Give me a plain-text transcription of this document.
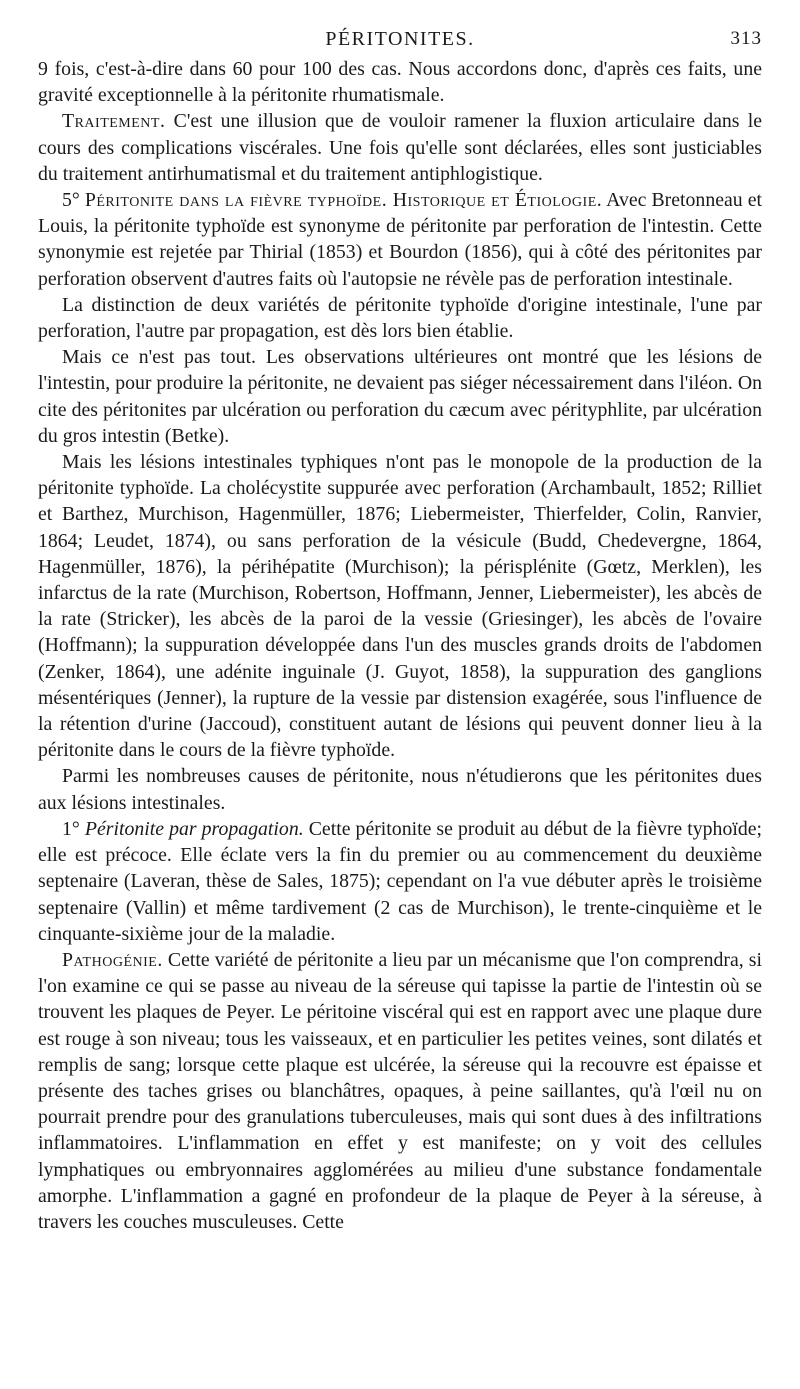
PÉRITONITES.	313

9 fois, c'est-à-dire dans 60 pour 100 des cas. Nous accordons donc, d'après ces faits, une gravité exceptionnelle à la péritonite rhumatismale.

Traitement. C'est une illusion que de vouloir ramener la fluxion articulaire dans le cours des complications viscérales. Une fois qu'elle sont déclarées, elles sont justiciables du traitement antirhumatismal et du traitement antiphlogistique.

5° Péritonite dans la fièvre typhoïde. Historique et Étiologie. Avec Bretonneau et Louis, la péritonite typhoïde est synonyme de péritonite par perforation de l'intestin. Cette synonymie est rejetée par Thirial (1853) et Bourdon (1856), qui à côté des péritonites par perforation observent d'autres faits où l'autopsie ne révèle pas de perforation intestinale.

La distinction de deux variétés de péritonite typhoïde d'origine intestinale, l'une par perforation, l'autre par propagation, est dès lors bien établie.

Mais ce n'est pas tout. Les observations ultérieures ont montré que les lésions de l'intestin, pour produire la péritonite, ne devaient pas siéger nécessairement dans l'iléon. On cite des péritonites par ulcération ou perforation du cæcum avec pérityphlite, par ulcération du gros intestin (Betke).

Mais les lésions intestinales typhiques n'ont pas le monopole de la production de la péritonite typhoïde. La cholécystite suppurée avec perforation (Archambault, 1852; Rilliet et Barthez, Murchison, Hagenmüller, 1876; Liebermeister, Thierfelder, Colin, Ranvier, 1864; Leudet, 1874), ou sans perforation de la vésicule (Budd, Chedevergne, 1864, Hagenmüller, 1876), la périhépatite (Murchison); la périsplénite (Gœtz, Merklen), les infarctus de la rate (Murchison, Robertson, Hoffmann, Jenner, Liebermeister), les abcès de la rate (Stricker), les abcès de la paroi de la vessie (Griesinger), les abcès de l'ovaire (Hoffmann); la suppuration développée dans l'un des muscles grands droits de l'abdomen (Zenker, 1864), une adénite inguinale (J. Guyot, 1858), la suppuration des ganglions mésentériques (Jenner), la rupture de la vessie par distension exagérée, sous l'influence de la rétention d'urine (Jaccoud), constituent autant de lésions qui peuvent donner lieu à la péritonite dans le cours de la fièvre typhoïde.

Parmi les nombreuses causes de péritonite, nous n'étudierons que les péritonites dues aux lésions intestinales.

1° Péritonite par propagation. Cette péritonite se produit au début de la fièvre typhoïde; elle est précoce. Elle éclate vers la fin du premier ou au commencement du deuxième septenaire (Laveran, thèse de Sales, 1875); cependant on l'a vue débuter après le troisième septenaire (Vallin) et même tardivement (2 cas de Murchison), le trente-cinquième et le cinquante-sixième jour de la maladie.

Pathogénie. Cette variété de péritonite a lieu par un mécanisme que l'on comprendra, si l'on examine ce qui se passe au niveau de la séreuse qui tapisse la partie de l'intestin où se trouvent les plaques de Peyer. Le péritoine viscéral qui est en rapport avec une plaque dure est rouge à son niveau; tous les vaisseaux, et en particulier les petites veines, sont dilatés et remplis de sang; lorsque cette plaque est ulcérée, la séreuse qui la recouvre est épaisse et présente des taches grises ou blanchâtres, opaques, à peine saillantes, qu'à l'œil nu on pourrait prendre pour des granulations tuberculeuses, mais qui sont dues à des infiltrations inflammatoires. L'inflammation en effet y est manifeste; on y voit des cellules lymphatiques ou embryonnaires agglomérées au milieu d'une substance fondamentale amorphe. L'inflammation a gagné en profondeur de la plaque de Peyer à la séreuse, à travers les couches musculeuses. Cette
